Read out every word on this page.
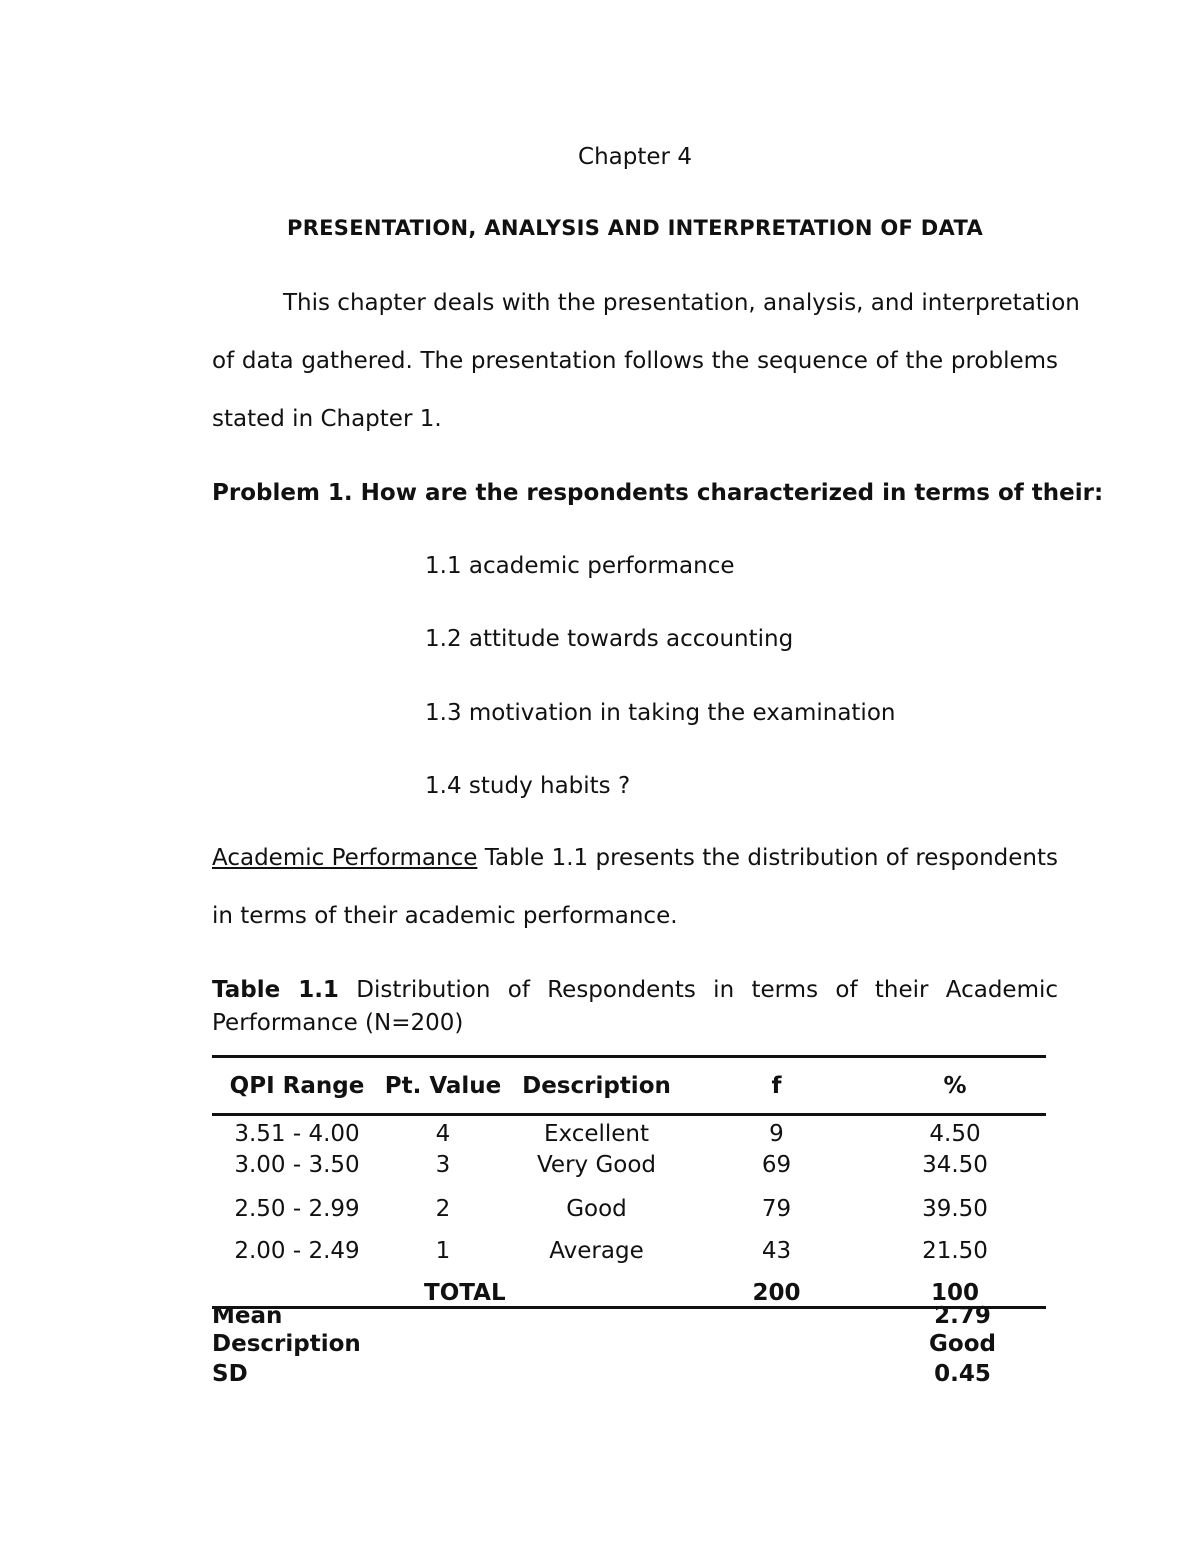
Chapter 4
PRESENTATION, ANALYSIS AND INTERPRETATION OF DATA
This chapter deals with the presentation, analysis, and interpretation
of data gathered. The presentation follows the sequence of the problems
stated in Chapter 1.
Problem 1. How are the respondents characterized in terms of their:
1.1 academic performance
1.2 attitude towards accounting
1.3 motivation in taking the examination
1.4 study habits ?
Academic Performance Table 1.1 presents the distribution of respondents
in terms of their academic performance.
Table 1.1 Distribution of Respondents in terms of their Academic
Performance (N=200)
QPI Range	Pt. Value	Description	f	%
3.51 - 4.00	4	Excellent	9	4.50
3.00 - 3.50	3	Very Good	69	34.50
2.50 - 2.99	2	Good	79	39.50
2.00 - 2.49	1	Average	43	21.50
	TOTAL		200	100
Mean	2.79
Description	Good
SD	0.45
